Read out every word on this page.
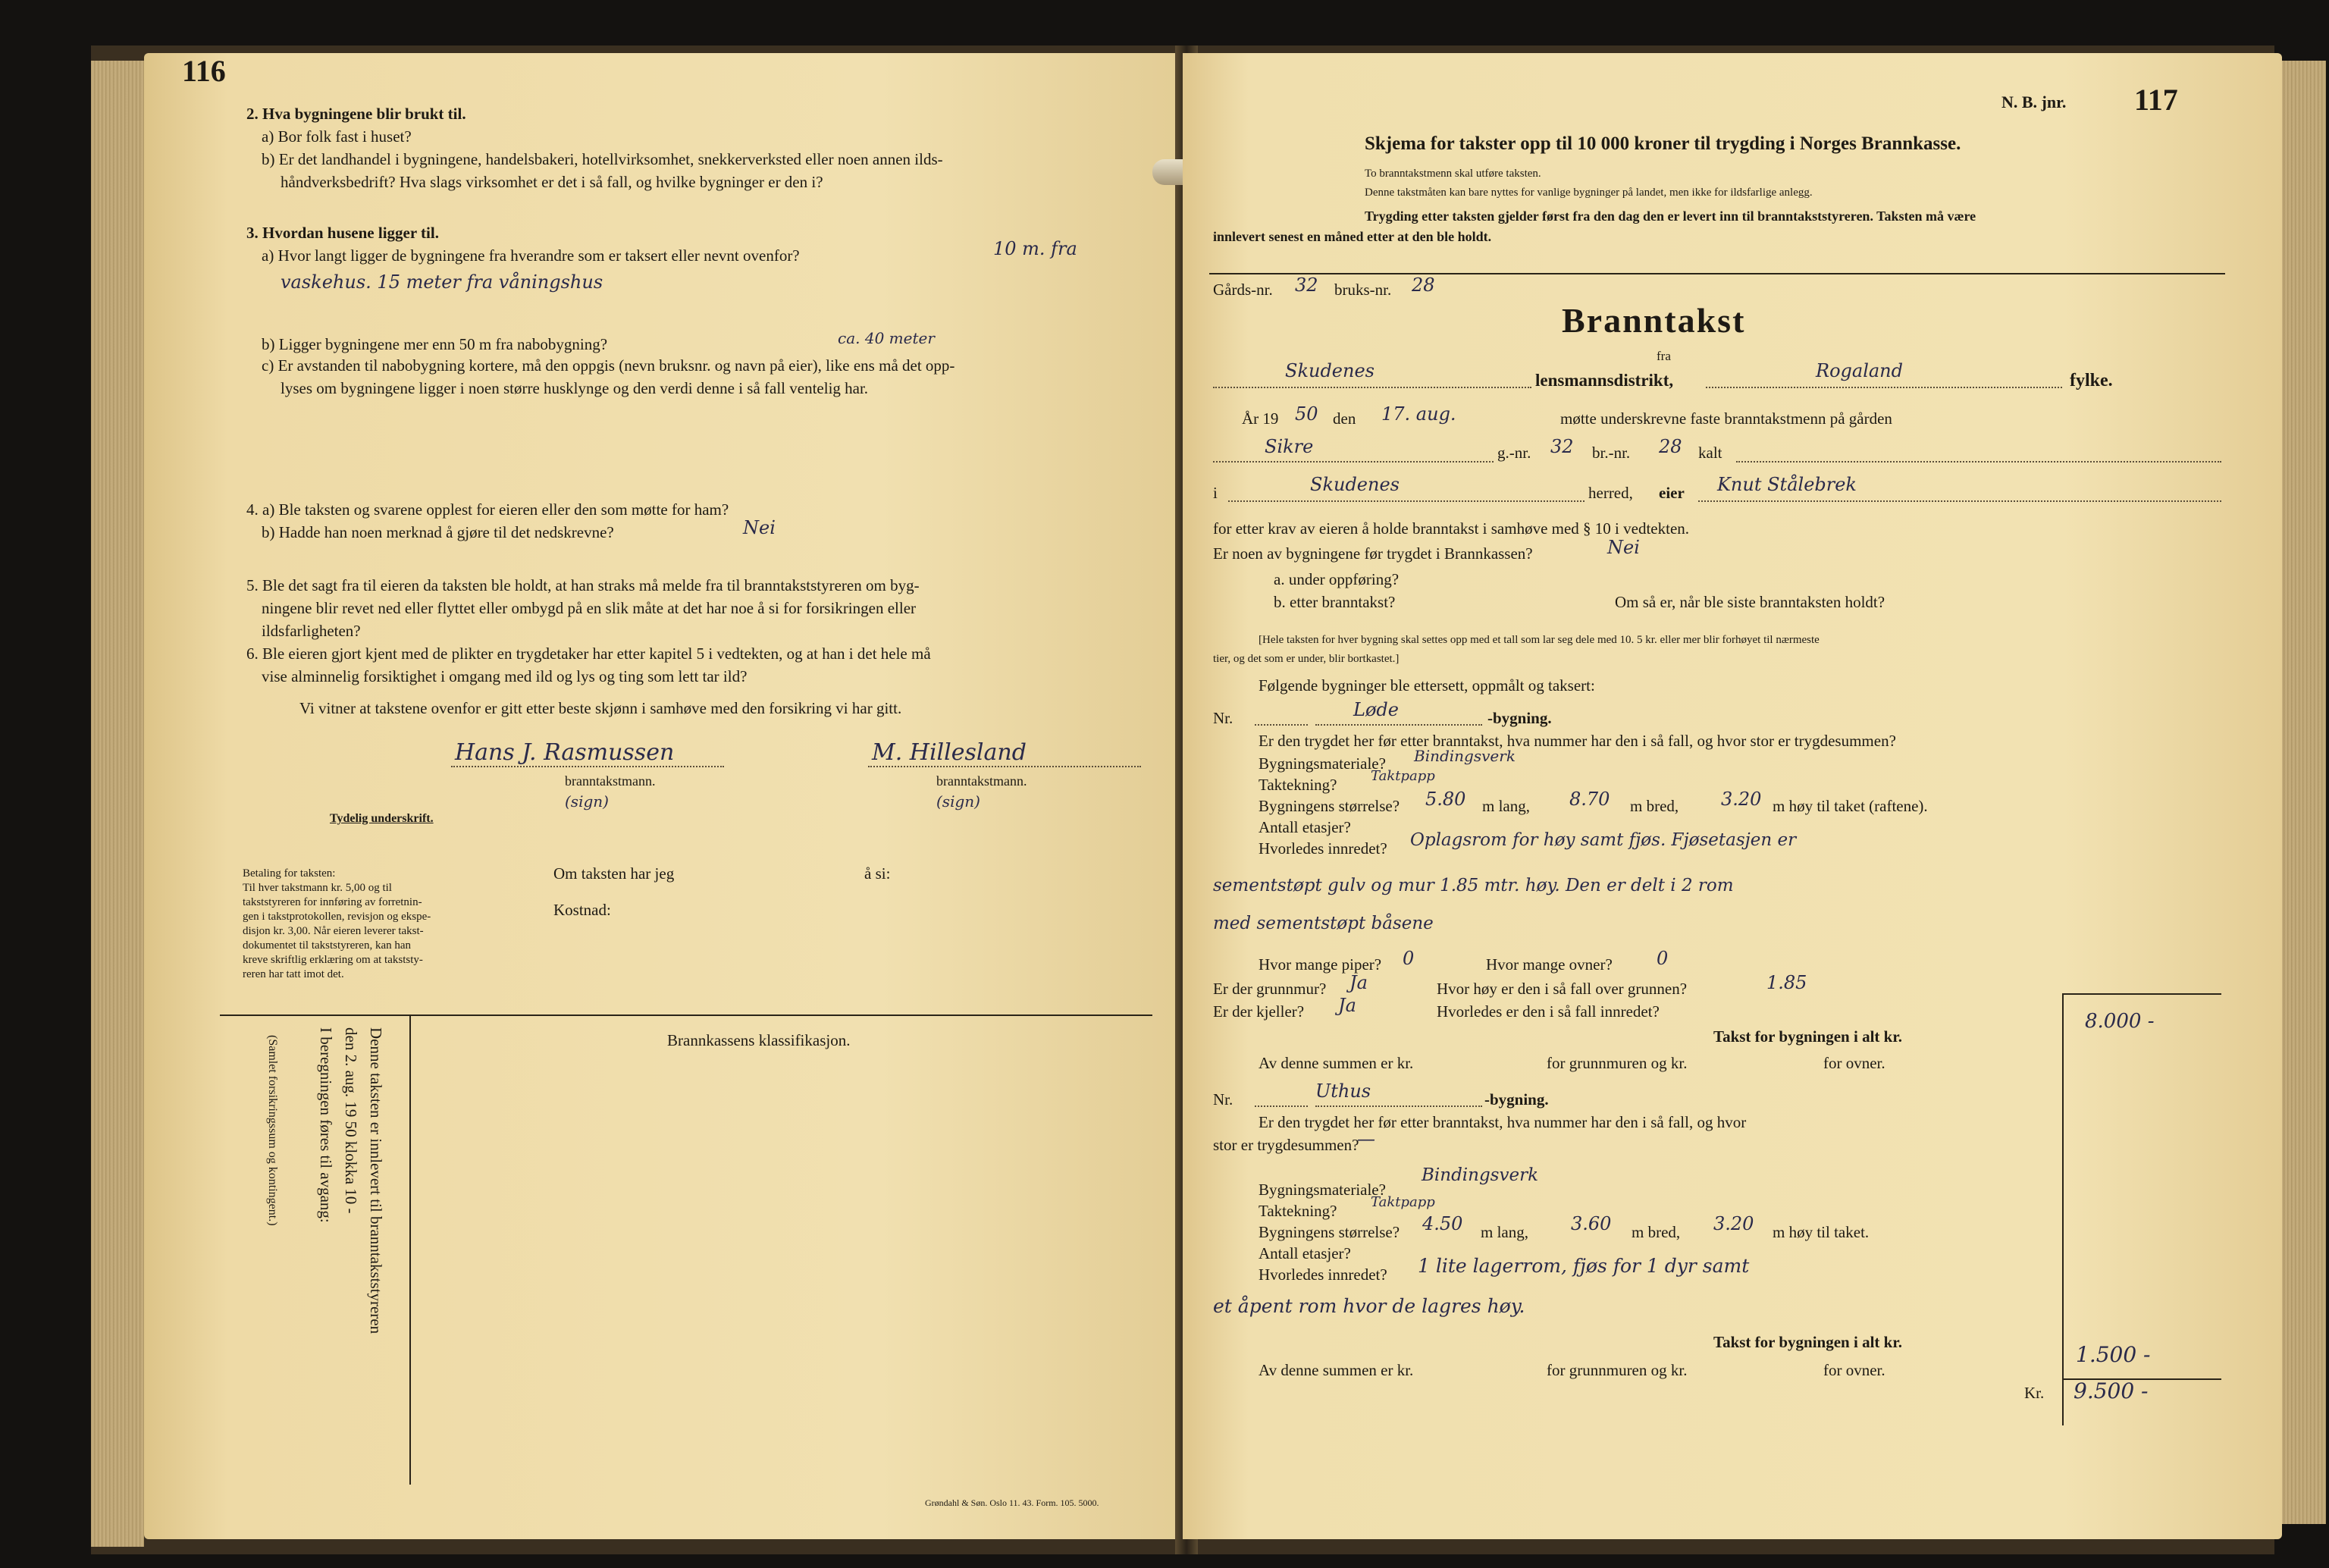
116
2. Hva bygningene blir brukt til.
a) Bor folk fast i huset?
b) Er det landhandel i bygningene, handelsbakeri, hotellvirksomhet, snekkerverksted eller noen annen ilds-
håndverksbedrift? Hva slags virksomhet er det i så fall, og hvilke bygninger er den i?
3. Hvordan husene ligger til.
a) Hvor langt ligger de bygningene fra hverandre som er taksert eller nevnt ovenfor?	10 m. fra
vaskehus. 15 meter fra våningshus
b) Ligger bygningene mer enn 50 m fra nabobygning?	ca. 40 meter
c) Er avstanden til nabobygning kortere, må den oppgis (nevn bruksnr. og navn på eier), like ens må det opp-
lyses om bygningene ligger i noen større husklynge og den verdi denne i så fall ventelig har.
4. a) Ble taksten og svarene opplest for eieren eller den som møtte for ham?
b) Hadde han noen merknad å gjøre til det nedskrevne?	Nei
5. Ble det sagt fra til eieren da taksten ble holdt, at han straks må melde fra til branntakststyreren om byg-
ningene blir revet ned eller flyttet eller ombygd på en slik måte at det har noe å si for forsikringen eller
ildsfarligheten?
6. Ble eieren gjort kjent med de plikter en trygdetaker har etter kapitel 5 i vedtekten, og at han i det hele må
vise alminnelig forsiktighet i omgang med ild og lys og ting som lett tar ild?
Vi vitner at takstene ovenfor er gitt etter beste skjønn i samhøve med den forsikring vi har gitt.
Hans J. Rasmussen	M. Hillesland
branntakstmann.	branntakstmann.
(sign)	(sign)
Tydelig underskrift.
Betaling for taksten:
Til hver takstmann kr. 5,00 og til
takststyreren for innføring av forretnin-
gen i takstprotokollen, revisjon og ekspe-
disjon kr. 3,00. Når eieren leverer takst-
dokumentet til takststyreren, kan han
kreve skriftlig erklæring om at takststy-
reren har tatt imot det.
Om taksten har jeg	å si:
Kostnad:
Brannkassens klassifikasjon.
Denne taksten er innlevert til branntakststyreren
den 2. aug. 19 50 klokka 10 -
I beregningen føres til avgang:
(Samlet forsikringssum og kontingent.)
Grøndahl & Søn. Oslo 11. 43. Form. 105. 5000.
N. B. jnr. 117
Skjema for takster opp til 10 000 kroner til trygding i Norges Brannkasse.
To branntakstmenn skal utføre taksten.
Denne takstmåten kan bare nyttes for vanlige bygninger på landet, men ikke for ildsfarlige anlegg.
Trygding etter taksten gjelder først fra den dag den er levert inn til branntakststyreren. Taksten må være
innlevert senest en måned etter at den ble holdt.
Gårds-nr. 32 bruks-nr. 28
Branntakst
fra
Skudenes	lensmannsdistrikt,	Rogaland	fylke.
År 19 50 den 17. aug.	møtte underskrevne faste branntakstmenn på gården
Sikre	g.-nr. 32 br.-nr. 28 kalt
i	Skudenes	herred, eier Knut Stålebrek
for etter krav av eieren å holde branntakst i samhøve med § 10 i vedtekten.
Er noen av bygningene før trygdet i Brannkassen?	Nei
a. under oppføring?
b. etter branntakst?	Om så er, når ble siste branntaksten holdt?
[Hele taksten for hver bygning skal settes opp med et tall som lar seg dele med 10. 5 kr. eller mer blir forhøyet til nærmeste
tier, og det som er under, blir bortkastet.]
Følgende bygninger ble ettersett, oppmålt og taksert:
Nr.	Løde	-bygning.
Er den trygdet her før etter branntakst, hva nummer har den i så fall, og hvor stor er trygdesummen?
Bygningsmateriale? Bindingsverk
Taktekning? Taktpapp
Bygningens størrelse? 5.80 m lang, 8.70 m bred, 3.20 m høy til taket (raftene).
Antall etasjer?
Hvorledes innredet? Oplagsrom for høy samt fjøs. Fjøsetasjen er
sementstøpt gulv og mur 1.85 mtr. høy. Den er delt i 2 rom
med sementstøpt båsene
Hvor mange piper? 0	Hvor mange ovner? 0
Er der grunnmur? Ja	Hvor høy er den i så fall over grunnen?	1.85
Er der kjeller? Ja	Hvorledes er den i så fall innredet?
Takst for bygningen i alt kr.
8.000 -
Av denne summen er kr.	for grunnmuren og kr.	for ovner.
Nr.	Uthus	-bygning.
Er den trygdet her før etter branntakst, hva nummer har den i så fall, og hvor
stor er trygdesummen?
—
Bygningsmateriale?
Bindingsverk
Taktekning? Taktpapp
Bygningens størrelse? 4.50 m lang, 3.60 m bred, 3.20 m høy til taket.
Antall etasjer?
Hvorledes innredet? 1 lite lagerrom, fjøs for 1 dyr samt
et åpent rom hvor de lagres høy.
Takst for bygningen i alt kr.
Av denne summen er kr.	for grunnmuren og kr.	for ovner.
1.500 -
Kr. 9.500 -
